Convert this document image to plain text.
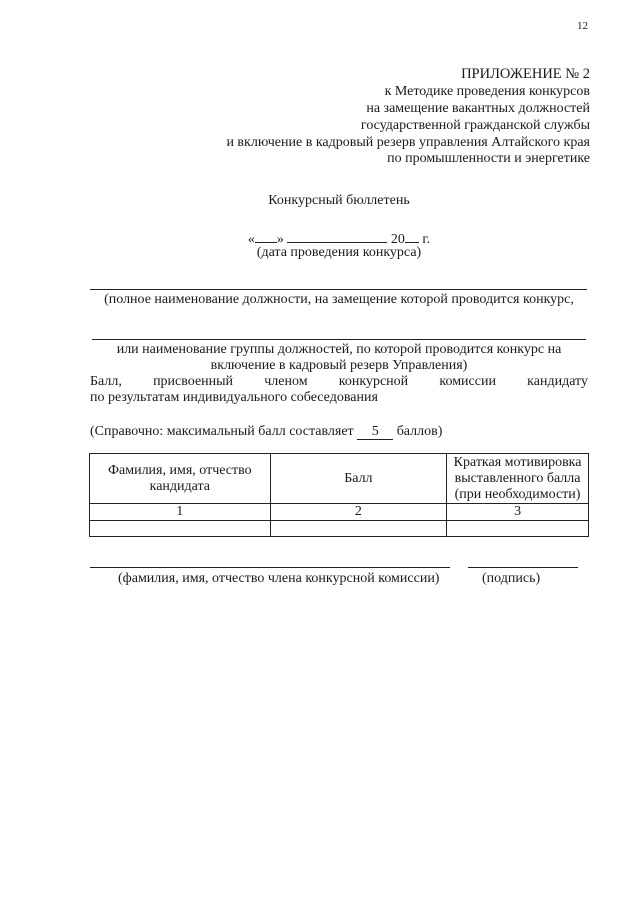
12
ПРИЛОЖЕНИЕ № 2
к Методике проведения конкурсов
на замещение вакантных должностей
государственной гражданской службы
и включение в кадровый резерв управления Алтайского края
по промышленности и энергетике
Конкурсный бюллетень
« »	20 г.
(дата проведения конкурса)
(полное наименование должности, на замещение которой проводится конкурс,
или наименование группы должностей, по которой проводится конкурс на
включение в кадровый резерв Управления)
Балл, присвоенный членом конкурсной комиссии кандидату
по результатам индивидуального собеседования
(Справочно: максимальный балл составляет 5 баллов)
Фамилия, имя, отчество кандидата	Балл	Краткая мотивировка выставленного балла (при необходимости)
1	2	3

(фамилия, имя, отчество члена конкурсной комиссии)	(подпись)
